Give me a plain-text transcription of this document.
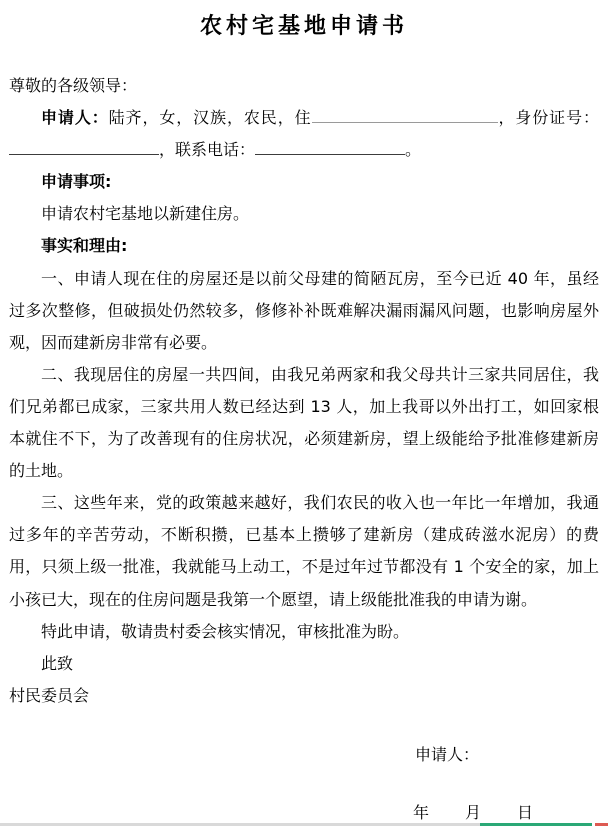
农村宅基地申请书

尊敬的各级领导：

申请人：陆齐，女，汉族，农民，住	，身份证号：，联系电话：	。

申请事项:

申请农村宅基地以新建住房。

事实和理由:

一、申请人现在住的房屋还是以前父母建的简陋瓦房，至今已近 40 年，虽经过多次整修，但破损处仍然较多，修修补补既难解决漏雨漏风问题，也影响房屋外观，因而建新房非常有必要。

二、我现居住的房屋一共四间，由我兄弟两家和我父母共计三家共同居住，我们兄弟都已成家，三家共用人数已经达到 13 人，加上我哥以外出打工，如回家根本就住不下，为了改善现有的住房状况，必须建新房，望上级能给予批准修建新房的土地。

三、这些年来，党的政策越来越好，我们农民的收入也一年比一年增加，我通过多年的辛苦劳动，不断积攒，已基本上攒够了建新房（建成砖滋水泥房）的费用，只须上级一批准，我就能马上动工，不是过年过节都没有 1 个安全的家，加上小孩已大，现在的住房问题是我第一个愿望，请上级能批准我的申请为谢。

特此申请，敬请贵村委会核实情况，审核批准为盼。

此致

村民委员会

申请人：

年 月 日
